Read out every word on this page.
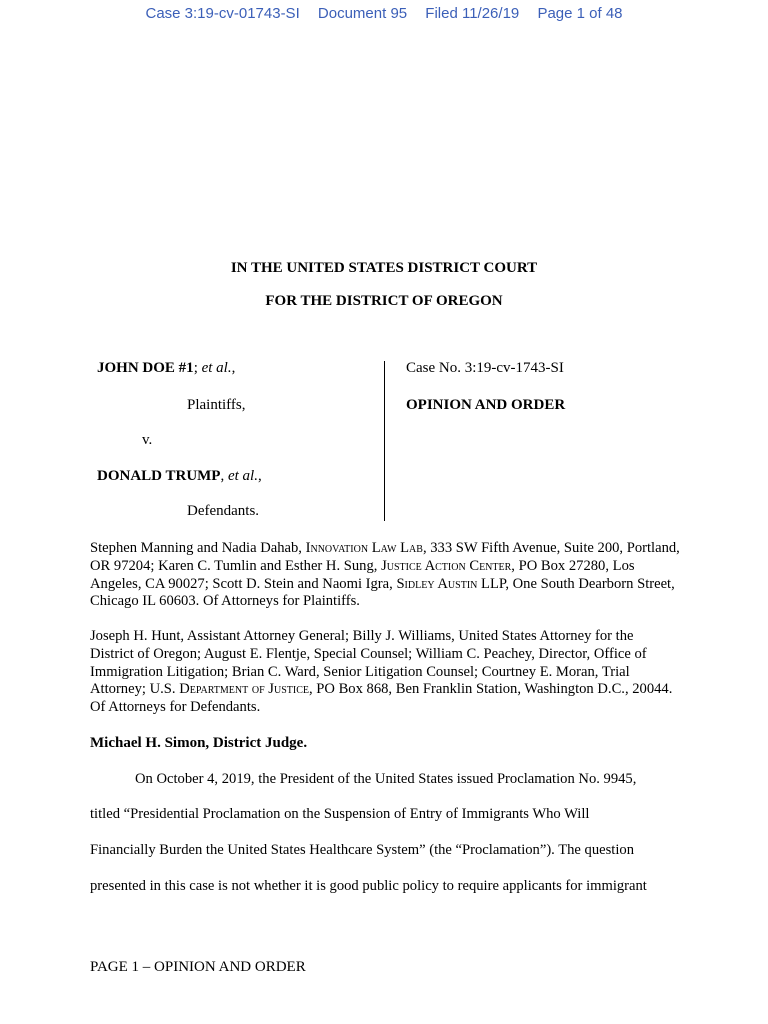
Case 3:19-cv-01743-SI Document 95 Filed 11/26/19 Page 1 of 48
IN THE UNITED STATES DISTRICT COURT
FOR THE DISTRICT OF OREGON
JOHN DOE #1; et al.,
Plaintiffs,
v.
DONALD TRUMP, et al.,
Defendants.
Case No. 3:19-cv-1743-SI
OPINION AND ORDER
Stephen Manning and Nadia Dahab, Innovation Law Lab, 333 SW Fifth Avenue, Suite 200, Portland, OR 97204; Karen C. Tumlin and Esther H. Sung, Justice Action Center, PO Box 27280, Los Angeles, CA 90027; Scott D. Stein and Naomi Igra, Sidley Austin LLP, One South Dearborn Street, Chicago IL 60603. Of Attorneys for Plaintiffs.
Joseph H. Hunt, Assistant Attorney General; Billy J. Williams, United States Attorney for the District of Oregon; August E. Flentje, Special Counsel; William C. Peachey, Director, Office of Immigration Litigation; Brian C. Ward, Senior Litigation Counsel; Courtney E. Moran, Trial Attorney; U.S. Department of Justice, PO Box 868, Ben Franklin Station, Washington D.C., 20044. Of Attorneys for Defendants.
Michael H. Simon, District Judge.
On October 4, 2019, the President of the United States issued Proclamation No. 9945,
titled “Presidential Proclamation on the Suspension of Entry of Immigrants Who Will
Financially Burden the United States Healthcare System” (the “Proclamation”). The question
presented in this case is not whether it is good public policy to require applicants for immigrant
PAGE 1 – OPINION AND ORDER
